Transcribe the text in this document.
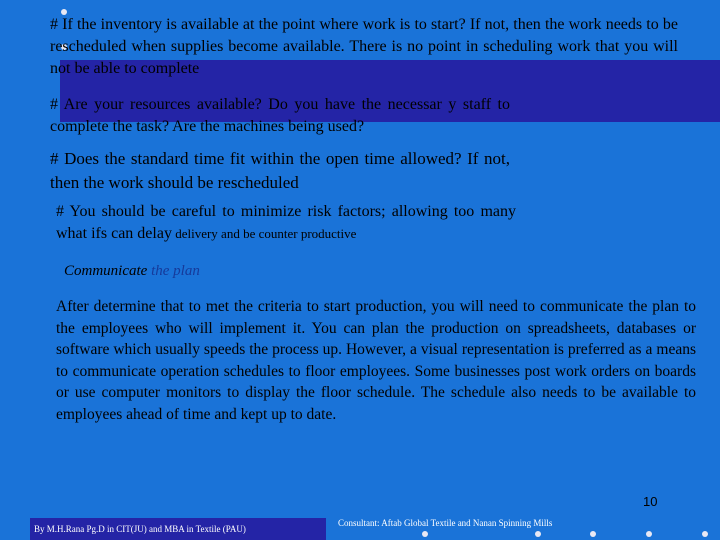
# If the inventory is available at the point where work is to start? If not, then the work needs to be rescheduled when supplies become available. There is no point in scheduling work that you will not be able to complete

# Are your resources available? Do you have the necessar y staff to complete the task? Are the machines being used?

# Does the standard time fit within the open time allowed? If not, then the work should be rescheduled

# You should be careful to minimize risk factors; allowing too many what ifs can delay delivery and be counter productive

Communicate the plan

After determine that to met the criteria to start production, you will need to communicate the plan to the employees who will implement it. You can plan the production on spreadsheets, databases or software which usually speeds the process up. However, a visual representation is preferred as a means to communicate operation schedules to floor employees. Some businesses post work orders on boards or use computer monitors to display the floor schedule. The schedule also needs to be available to employees ahead of time and kept up to date.

10
By M.H.Rana Pg.D in CIT(JU) and MBA in Textile (PAU)
Consultant: Aftab Global Textile and Nanan Spinning Mills
